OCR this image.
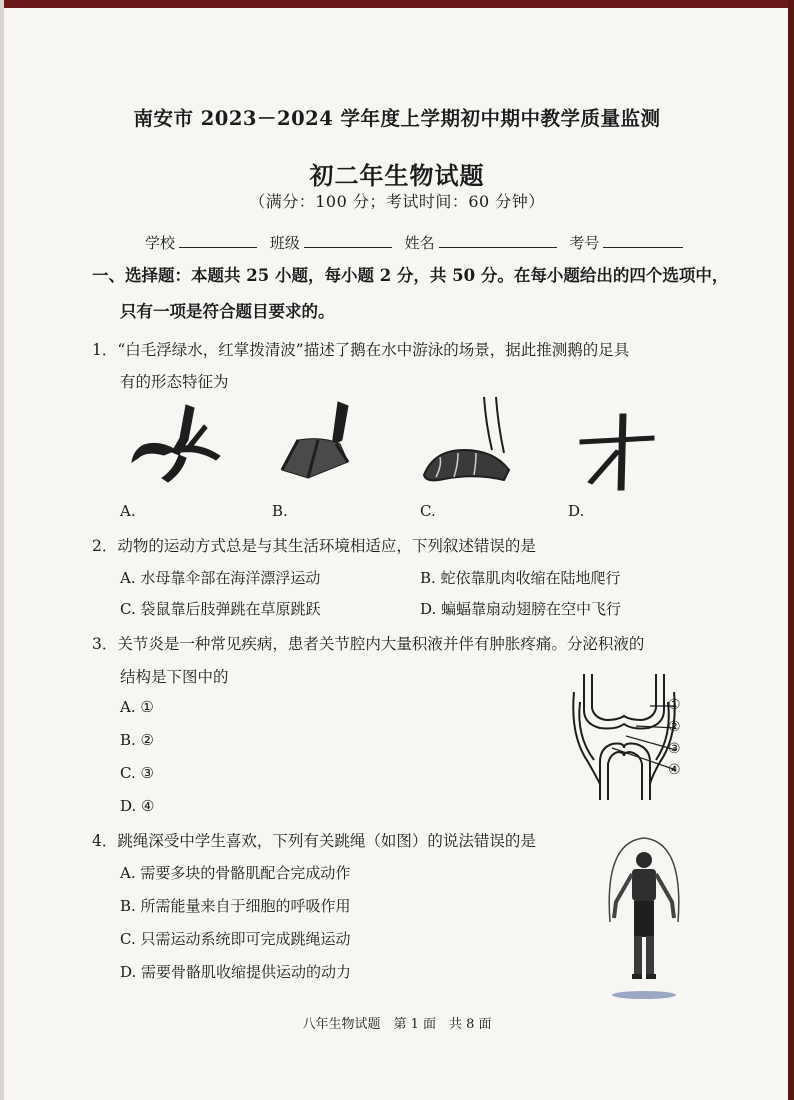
南安市 2023－2024 学年度上学期初中期中教学质量监测
初二年生物试题
（满分：100 分；考试时间：60 分钟）
学校	班级	姓名	考号
一、选择题：本题共 25 小题，每小题 2 分，共 50 分。在每小题给出的四个选项中，
只有一项是符合题目要求的。
1．“白毛浮绿水，红掌拨清波”描述了鹅在水中游泳的场景，据此推测鹅的足具
有的形态特征为
A.	B.	C.	D.
2．动物的运动方式总是与其生活环境相适应，下列叙述错误的是
A. 水母靠伞部在海洋漂浮运动	B. 蛇依靠肌肉收缩在陆地爬行
C. 袋鼠靠后肢弹跳在草原跳跃	D. 蝙蝠靠扇动翅膀在空中飞行
3．关节炎是一种常见疾病，患者关节腔内大量积液并伴有肿胀疼痛。分泌积液的
结构是下图中的
A. ①
B. ②
C. ③
D. ④
①
②
③
④
4．跳绳深受中学生喜欢，下列有关跳绳（如图）的说法错误的是
A. 需要多块的骨骼肌配合完成动作
B. 所需能量来自于细胞的呼吸作用
C. 只需运动系统即可完成跳绳运动
D. 需要骨骼肌收缩提供运动的动力
八年生物试题　第 1 面　共 8 面
